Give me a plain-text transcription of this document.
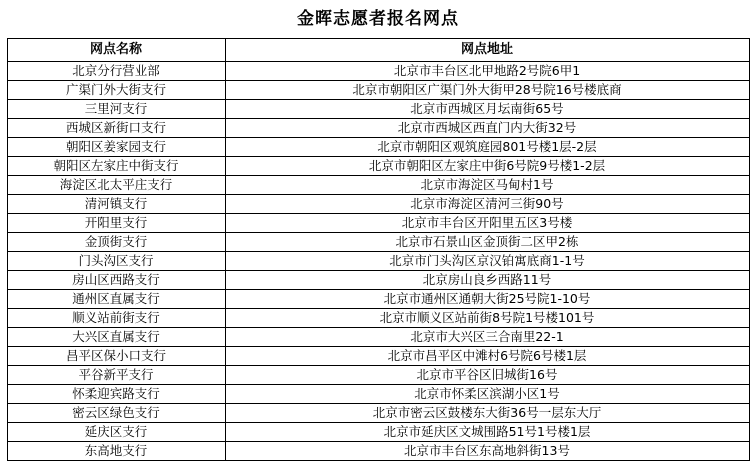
金晖志愿者报名网点
网点名称	网点地址
北京分行营业部	北京市丰台区北甲地路2号院6甲1
广渠门外大街支行	北京市朝阳区广渠门外大街甲28号院16号楼底商
三里河支行	北京市西城区月坛南街65号
西城区新街口支行	北京市西城区西直门内大街32号
朝阳区姜家园支行	北京市朝阳区观筑庭园801号楼1层-2层
朝阳区左家庄中街支行	北京市朝阳区左家庄中街6号院9号楼1-2层
海淀区北太平庄支行	北京市海淀区马甸村1号
清河镇支行	北京市海淀区清河三街90号
开阳里支行	北京市丰台区开阳里五区3号楼
金顶街支行	北京市石景山区金顶街二区甲2栋
门头沟区支行	北京市门头沟区京汉铂寓底商1-1号
房山区西路支行	北京房山良乡西路11号
通州区直属支行	北京市通州区通朝大街25号院1-10号
顺义站前街支行	北京市顺义区站前街8号院1号楼101号
大兴区直属支行	北京市大兴区三合南里22-1
昌平区保小口支行	北京市昌平区中滩村6号院6号楼1层
平谷新平支行	北京市平谷区旧城街16号
怀柔迎宾路支行	北京市怀柔区滨湖小区1号
密云区绿色支行	北京市密云区鼓楼东大街36号一层东大厅
延庆区支行	北京市延庆区文城围路51号1号楼1层
东高地支行	北京市丰台区东高地斜街13号
